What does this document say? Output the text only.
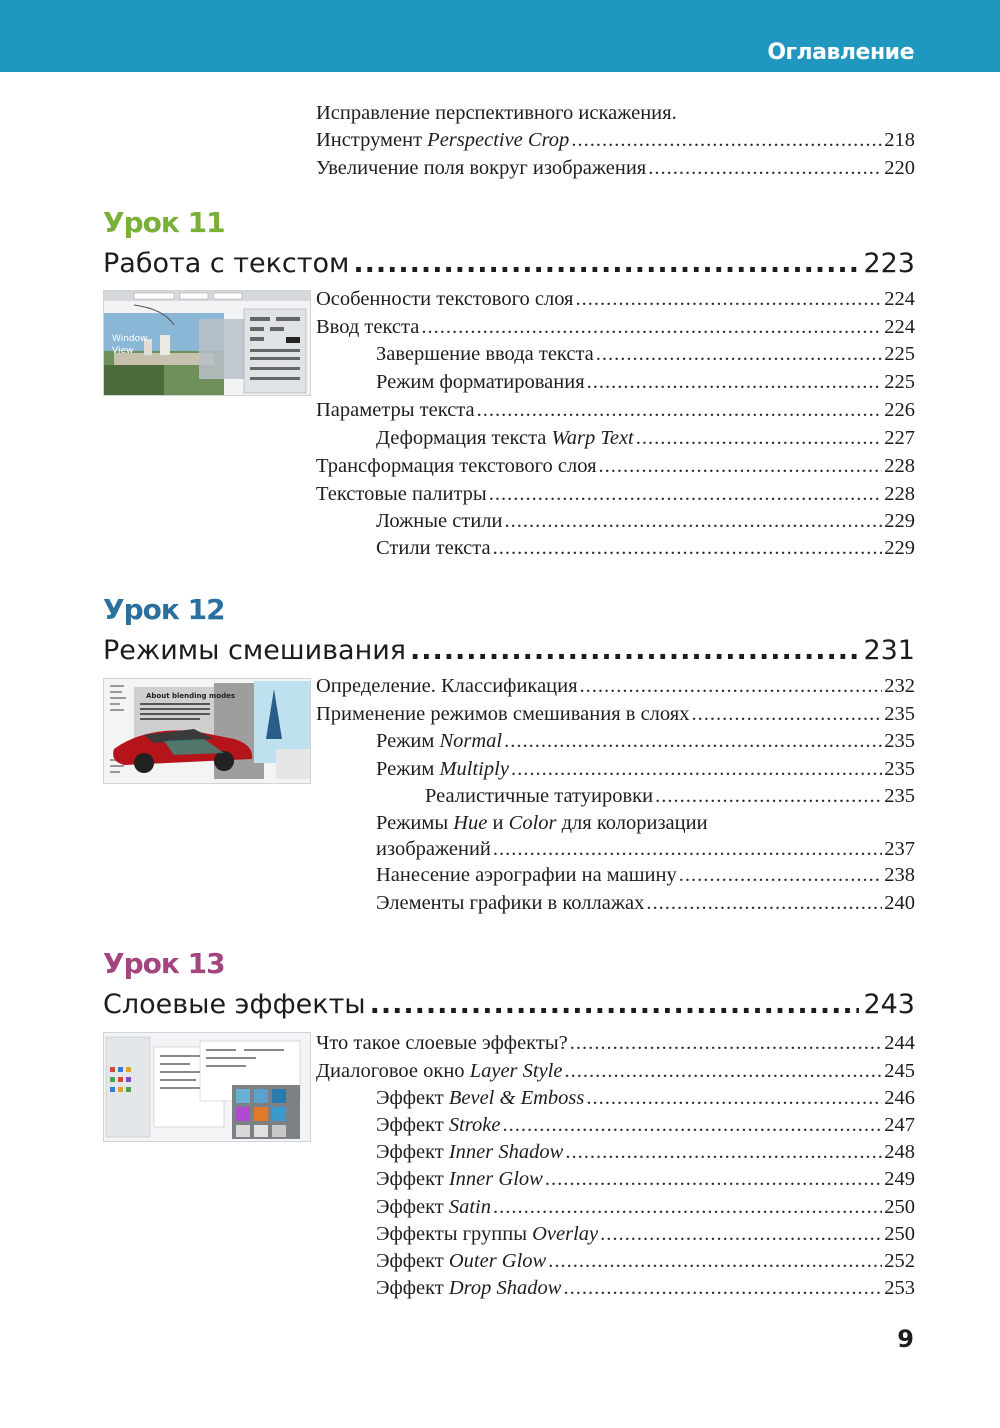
Оглавление
Исправление перспективного искажения.
Инструмент Perspective Crop .....	218
Увеличение поля вокруг изображения .....	220
Урок 11
Работа с текстом .....	223
Window
View
Особенности текстового слоя .....	224
Ввод текста .....	224
Завершение ввода текста .....	225
Режим форматирования .....	225
Параметры текста .....	226
Деформация текста Warp Text .....	227
Трансформация текстового слоя .....	228
Текстовые палитры .....	228
Ложные стили .....	229
Стили текста .....	229
Урок 12
Режимы смешивания .....	231
About blending modes	Определение. Классификация .....	232
Применение режимов смешивания в слоях .....	235
Режим Normal .....	235
Режим Multiply .....	235
Реалистичные татуировки .....	235
Режимы Hue и Color для колоризации
изображений .....	237
Нанесение аэрографии на машину .....	238
Элементы графики в коллажах .....	240
Урок 13
Слоевые эффекты .....	243
Что такое слоевые эффекты? .....	244
Диалоговое окно Layer Style .....	245
Эффект Bevel & Emboss .....	246
Эффект Stroke .....	247
Эффект Inner Shadow .....	248
Эффект Inner Glow .....	249
Эффект Satin .....	250
Эффекты группы Overlay .....	250
Эффект Outer Glow .....	252
Эффект Drop Shadow .....	253
9
